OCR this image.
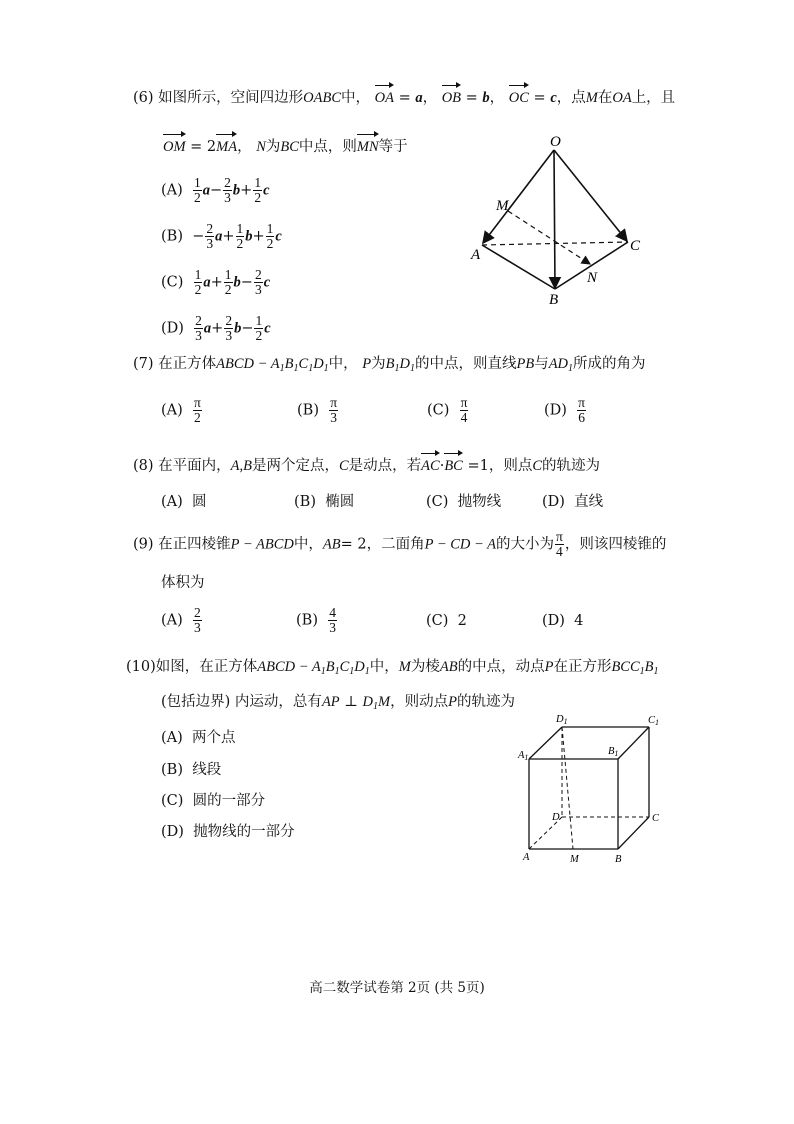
(6) 如图所示，空间四边形OABC中， OA = a， OB = b， OC = c，点M在OA上，且
OM = 2MA， N为BC中点，则MN等于
$(A) \frac{1}{2} a- \frac{2}{3} b+ \frac{1}{2}$ c
$(B) - \frac{2}{3} a+ \frac{1}{2} b+ \frac{1}{2}$ c
$(C) \frac{1}{2} a+ \frac{1}{2} b- \frac{2}{3}$ c
$(D) \frac{2}{3} a+ \frac{2}{3} b- \frac{1}{2}$ c
O
M
A
B
C
N
(7) 在正方体ABCD − $A_1B_1C_1D_1$中， P为$B_1D_1$的中点，则直线PB与$AD_1$所成的角为
$(A) \frac{\pi}{2}$	$(B) \frac{\pi}{3}$	$(C) \frac{\pi}{4}$	$(D) \frac{\pi}{6}$
(8) 在平面内，A,B是两个定点，C是动点，若AC·BC =1，则点C的轨迹为
(A) 圆	(B) 椭圆	(C) 抛物线	(D) 直线
(9) 在正四棱锥P − ABCD中，AB= 2，二面角P − CD − A的大小为 $\frac{\pi}{4}$ ，则该四棱锥的
体积为
$(A) \frac{2}{3}$	$(B) \frac{4}{3}$	(C) 2	(D) 4
(10)如图，在正方体ABCD − $A_1B_1C_1D_1$中，M为棱AB的中点，动点P在正方形$BCC_1B_1$
(包括边界) 内运动，总有AP ⊥ $D_1M$，则动点P的轨迹为
(A) 两个点
(B) 线段
(C) 圆的一部分
(D) 抛物线的一部分
D1	C1
A1
B1
D	C
A	M	B
高二数学试卷第 2页 (共 5页)
